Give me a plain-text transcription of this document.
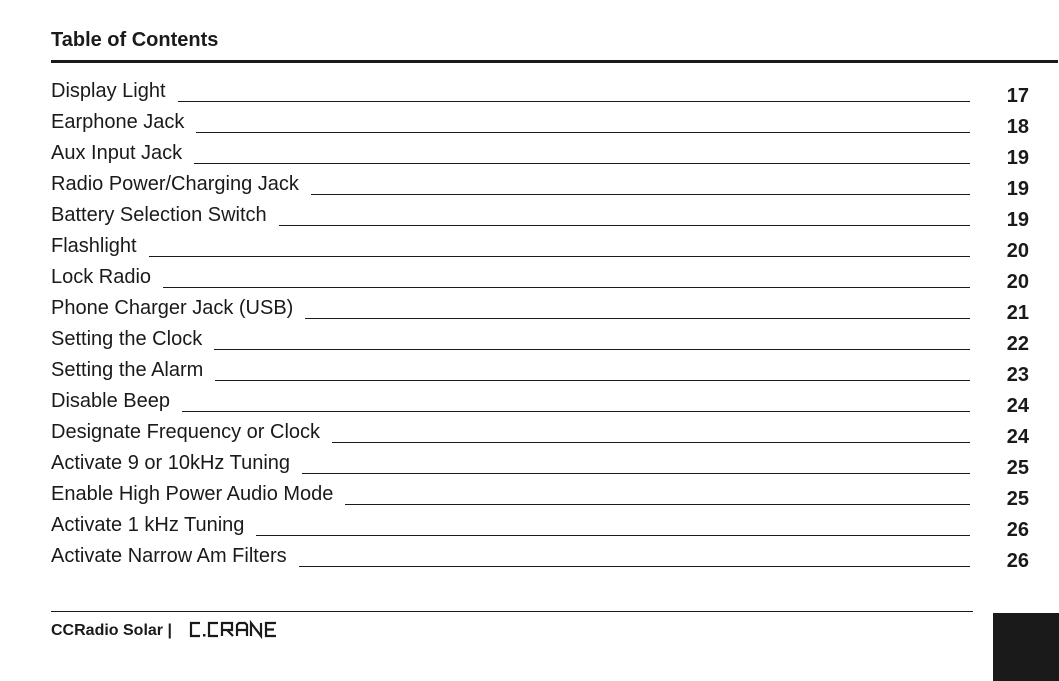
Table of Contents
Display Light	17
Earphone Jack	18
Aux Input Jack	19
Radio Power/Charging Jack	19
Battery Selection Switch	19
Flashlight	20
Lock Radio	20
Phone Charger Jack (USB)	21
Setting the Clock	22
Setting the Alarm	23
Disable Beep	24
Designate Frequency or Clock	24
Activate 9 or 10kHz Tuning	25
Enable High Power Audio Mode	25
Activate 1 kHz Tuning	26
Activate Narrow Am Filters	26
CCRadio Solar |
